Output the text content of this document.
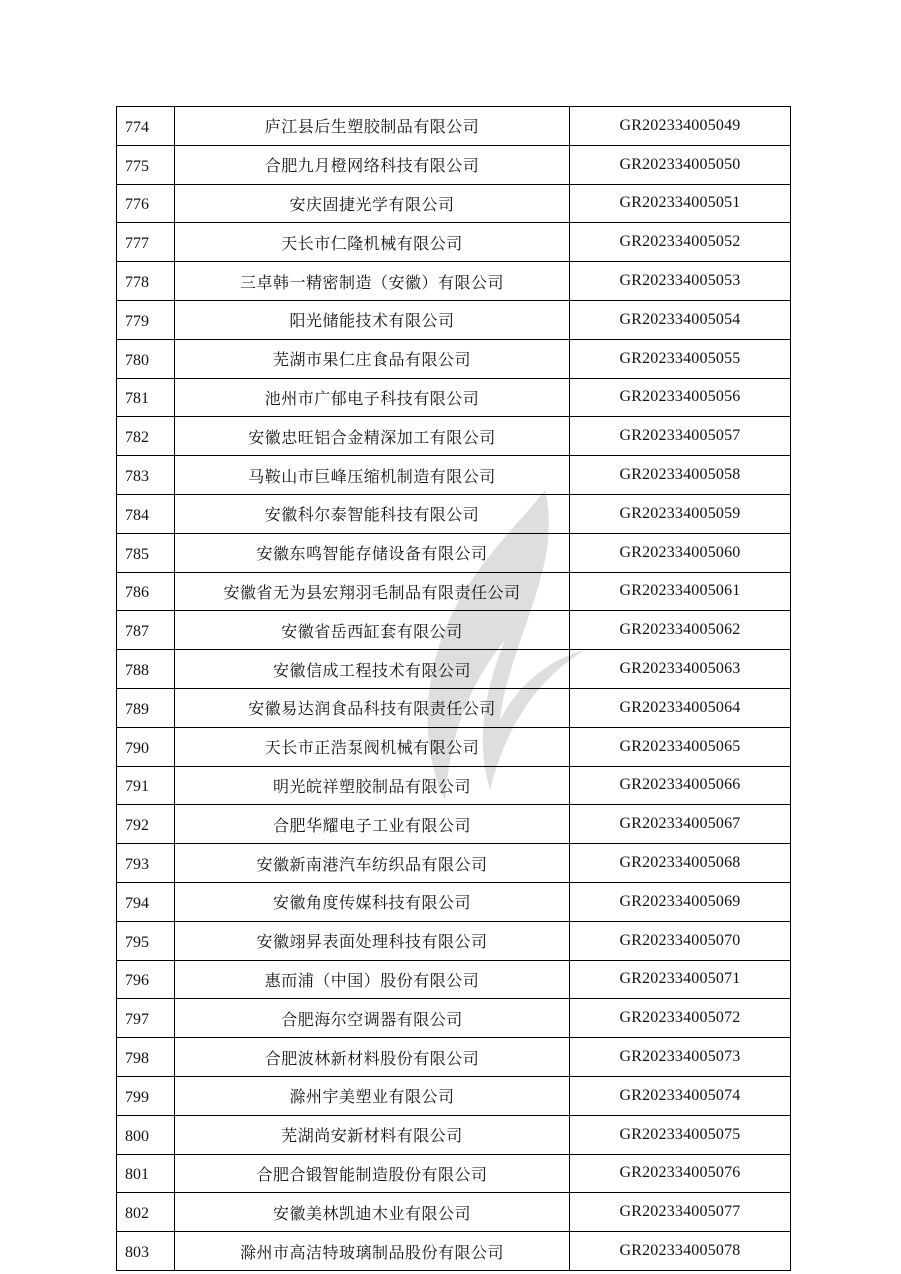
774	庐江县后生塑胶制品有限公司	GR202334005049
775	合肥九月橙网络科技有限公司	GR202334005050
776	安庆固捷光学有限公司	GR202334005051
777	天长市仁隆机械有限公司	GR202334005052
778	三卓韩一精密制造（安徽）有限公司	GR202334005053
779	阳光储能技术有限公司	GR202334005054
780	芜湖市果仁庄食品有限公司	GR202334005055
781	池州市广郁电子科技有限公司	GR202334005056
782	安徽忠旺铝合金精深加工有限公司	GR202334005057
783	马鞍山市巨峰压缩机制造有限公司	GR202334005058
784	安徽科尔泰智能科技有限公司	GR202334005059
785	安徽东鸣智能存储设备有限公司	GR202334005060
786	安徽省无为县宏翔羽毛制品有限责任公司	GR202334005061
787	安徽省岳西缸套有限公司	GR202334005062
788	安徽信成工程技术有限公司	GR202334005063
789	安徽易达润食品科技有限责任公司	GR202334005064
790	天长市正浩泵阀机械有限公司	GR202334005065
791	明光皖祥塑胶制品有限公司	GR202334005066
792	合肥华耀电子工业有限公司	GR202334005067
793	安徽新南港汽车纺织品有限公司	GR202334005068
794	安徽角度传媒科技有限公司	GR202334005069
795	安徽翊昇表面处理科技有限公司	GR202334005070
796	惠而浦（中国）股份有限公司	GR202334005071
797	合肥海尔空调器有限公司	GR202334005072
798	合肥波林新材料股份有限公司	GR202334005073
799	滁州宇美塑业有限公司	GR202334005074
800	芜湖尚安新材料有限公司	GR202334005075
801	合肥合锻智能制造股份有限公司	GR202334005076
802	安徽美林凯迪木业有限公司	GR202334005077
803	滁州市高洁特玻璃制品股份有限公司	GR202334005078
